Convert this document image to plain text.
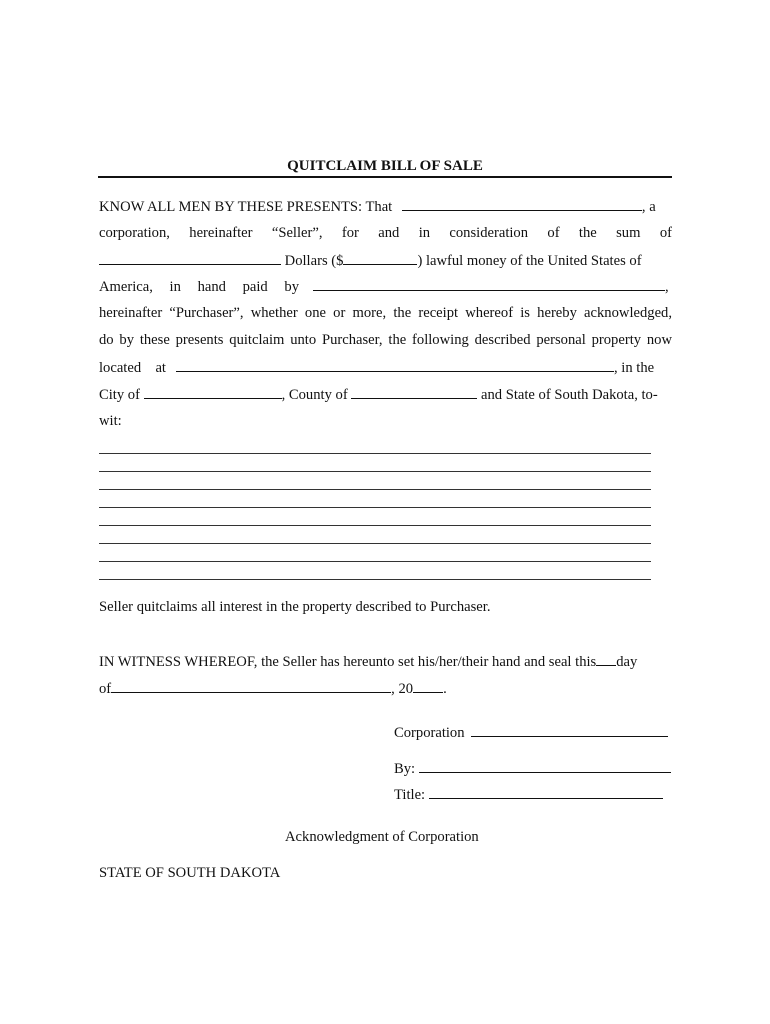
QUITCLAIM BILL OF SALE
KNOW ALL MEN BY THESE PRESENTS: That	, a
corporation, hereinafter “Seller”, for and in consideration of the sum of
Dollars ($	) lawful money of the United States of
America, in hand paid by	,
hereinafter “Purchaser”, whether one or more, the receipt whereof is hereby acknowledged,
do by these presents quitclaim unto Purchaser, the following described personal property now
located at	, in the
City of	, County of	and State of South Dakota, to-
wit:
Seller quitclaims all interest in the property described to Purchaser.
IN WITNESS WHEREOF, the Seller has hereunto set his/her/their hand and seal this day
of	, 20 .
Corporation
By:
Title:
Acknowledgment of Corporation
STATE OF SOUTH DAKOTA
